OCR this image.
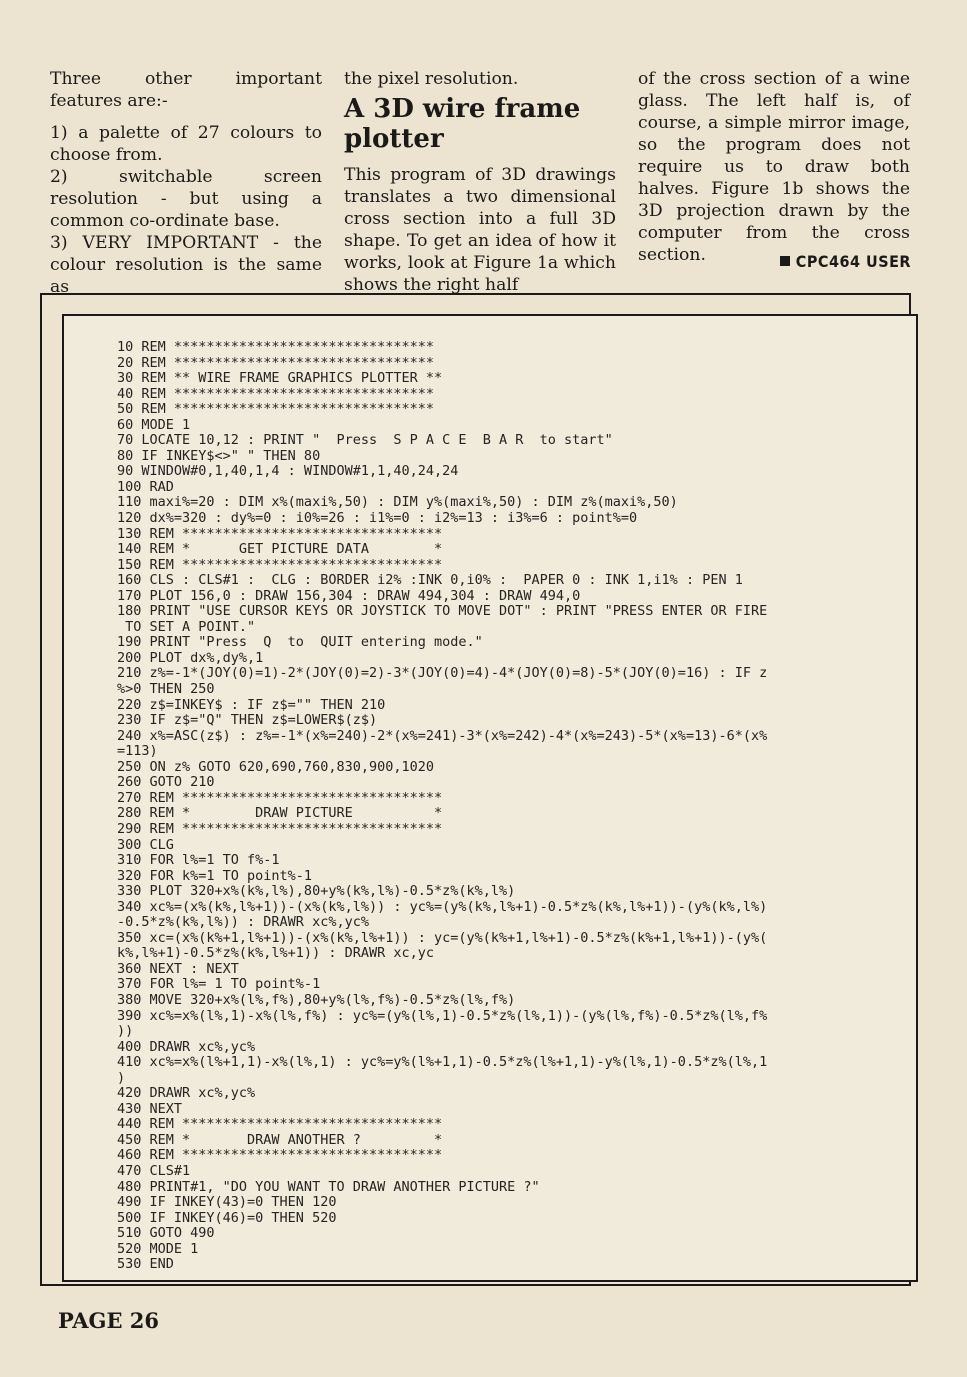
Three other important features are:-

1) a palette of 27 colours to choose from.

2) switchable screen resolution - but using a common co-ordinate base.

3) VERY IMPORTANT - the colour resolution is the same as

the pixel resolution.

A 3D wire frame plotter

This program of 3D drawings translates a two dimensional cross section into a full 3D shape. To get an idea of how it works, look at Figure 1a which shows the right half

of the cross section of a wine glass. The left half is, of course, a simple mirror image, so the program does not require us to draw both halves. Figure 1b shows the 3D projection drawn by the computer from the cross section.	CPC464 USER
10 REM ********************************
20 REM ********************************
30 REM ** WIRE FRAME GRAPHICS PLOTTER **
40 REM ********************************
50 REM ********************************
60 MODE 1
70 LOCATE 10,12 : PRINT "  Press  S P A C E  B A R  to start"
80 IF INKEY$<>" " THEN 80
90 WINDOW#0,1,40,1,4 : WINDOW#1,1,40,24,24
100 RAD
110 maxi%=20 : DIM x%(maxi%,50) : DIM y%(maxi%,50) : DIM z%(maxi%,50)
120 dx%=320 : dy%=0 : i0%=26 : i1%=0 : i2%=13 : i3%=6 : point%=0
130 REM ********************************
140 REM *      GET PICTURE DATA        *
150 REM ********************************
160 CLS : CLS#1 :  CLG : BORDER i2% :INK 0,i0% :  PAPER 0 : INK 1,i1% : PEN 1
170 PLOT 156,0 : DRAW 156,304 : DRAW 494,304 : DRAW 494,0
180 PRINT "USE CURSOR KEYS OR JOYSTICK TO MOVE DOT" : PRINT "PRESS ENTER OR FIRE
TO SET A POINT."
190 PRINT "Press  Q  to  QUIT entering mode."
200 PLOT dx%,dy%,1
210 z%=-1*(JOY(0)=1)-2*(JOY(0)=2)-3*(JOY(0)=4)-4*(JOY(0)=8)-5*(JOY(0)=16) : IF z
%>0 THEN 250
220 z$=INKEY$ : IF z$="" THEN 210
230 IF z$="Q" THEN z$=LOWER$(z$)
240 x%=ASC(z$) : z%=-1*(x%=240)-2*(x%=241)-3*(x%=242)-4*(x%=243)-5*(x%=13)-6*(x%
=113)
250 ON z% GOTO 620,690,760,830,900,1020
260 GOTO 210
270 REM ********************************
280 REM *        DRAW PICTURE          *
290 REM ********************************
300 CLG
310 FOR l%=1 TO f%-1
320 FOR k%=1 TO point%-1
330 PLOT 320+x%(k%,l%),80+y%(k%,l%)-0.5*z%(k%,l%)
340 xc%=(x%(k%,l%+1))-(x%(k%,l%)) : yc%=(y%(k%,l%+1)-0.5*z%(k%,l%+1))-(y%(k%,l%)
-0.5*z%(k%,l%)) : DRAWR xc%,yc%
350 xc=(x%(k%+1,l%+1))-(x%(k%,l%+1)) : yc=(y%(k%+1,l%+1)-0.5*z%(k%+1,l%+1))-(y%(
k%,l%+1)-0.5*z%(k%,l%+1)) : DRAWR xc,yc
360 NEXT : NEXT
370 FOR l%= 1 TO point%-1
380 MOVE 320+x%(l%,f%),80+y%(l%,f%)-0.5*z%(l%,f%)
390 xc%=x%(l%,1)-x%(l%,f%) : yc%=(y%(l%,1)-0.5*z%(l%,1))-(y%(l%,f%)-0.5*z%(l%,f%
))
400 DRAWR xc%,yc%
410 xc%=x%(l%+1,1)-x%(l%,1) : yc%=y%(l%+1,1)-0.5*z%(l%+1,1)-y%(l%,1)-0.5*z%(l%,1
)
420 DRAWR xc%,yc%
430 NEXT
440 REM ********************************
450 REM *       DRAW ANOTHER ?         *
460 REM ********************************
470 CLS#1
480 PRINT#1, "DO YOU WANT TO DRAW ANOTHER PICTURE ?"
490 IF INKEY(43)=0 THEN 120
500 IF INKEY(46)=0 THEN 520
510 GOTO 490
520 MODE 1
530 END
PAGE 26
